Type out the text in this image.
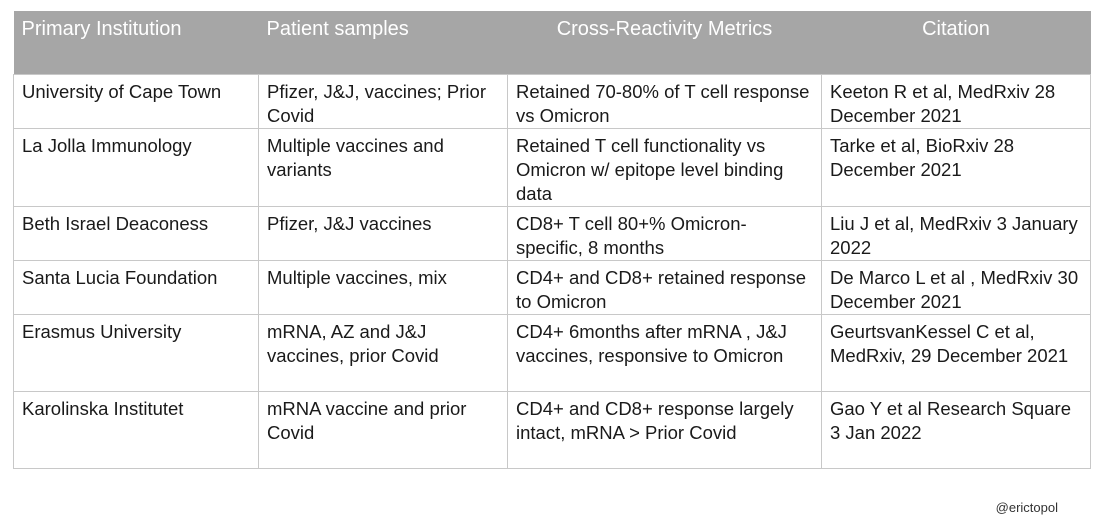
Primary Institution	Patient samples	Cross-Reactivity Metrics	Citation
University of Cape Town	Pfizer, J&J, vaccines; Prior Covid	Retained 70-80% of T cell response vs Omicron	Keeton R et al, MedRxiv 28 December 2021
La Jolla Immunology	Multiple vaccines and variants	Retained T cell functionality vs Omicron w/ epitope level binding data	Tarke et al, BioRxiv 28 December 2021
Beth Israel Deaconess	Pfizer, J&J vaccines	CD8+ T cell 80+% Omicron-specific, 8 months	Liu J et al, MedRxiv 3 January 2022
Santa Lucia Foundation	Multiple vaccines, mix	CD4+ and CD8+ retained response to Omicron	De Marco L et al , MedRxiv 30 December 2021
Erasmus University	mRNA, AZ and J&J vaccines, prior Covid	CD4+ 6months after mRNA , J&J vaccines, responsive to Omicron	GeurtsvanKessel C et al, MedRxiv, 29 December 2021
Karolinska Institutet	mRNA vaccine and prior Covid	CD4+ and CD8+ response largely intact, mRNA > Prior Covid	Gao Y et al Research Square 3 Jan 2022
@erictopol
